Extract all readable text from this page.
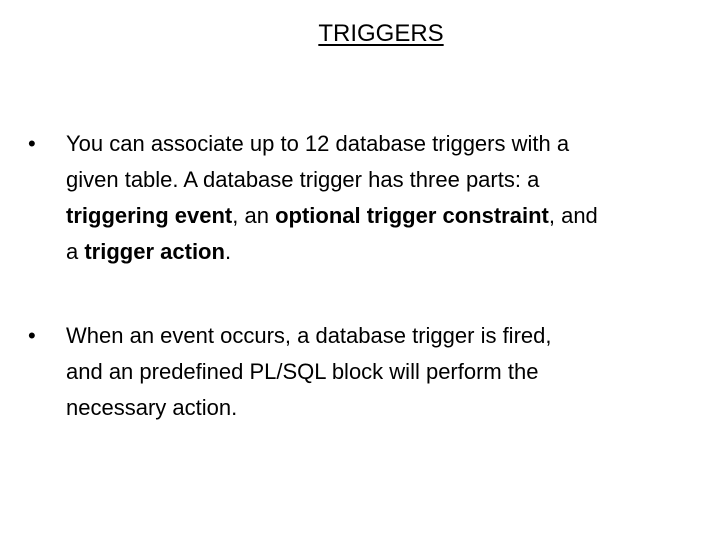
TRIGGERS
• You can associate up to 12 database triggers with a
given table. A database trigger has three parts: a
triggering event, an optional trigger constraint, and
a trigger action.
• When an event occurs, a database trigger is fired,
and an predefined PL/SQL block will perform the
necessary action.
